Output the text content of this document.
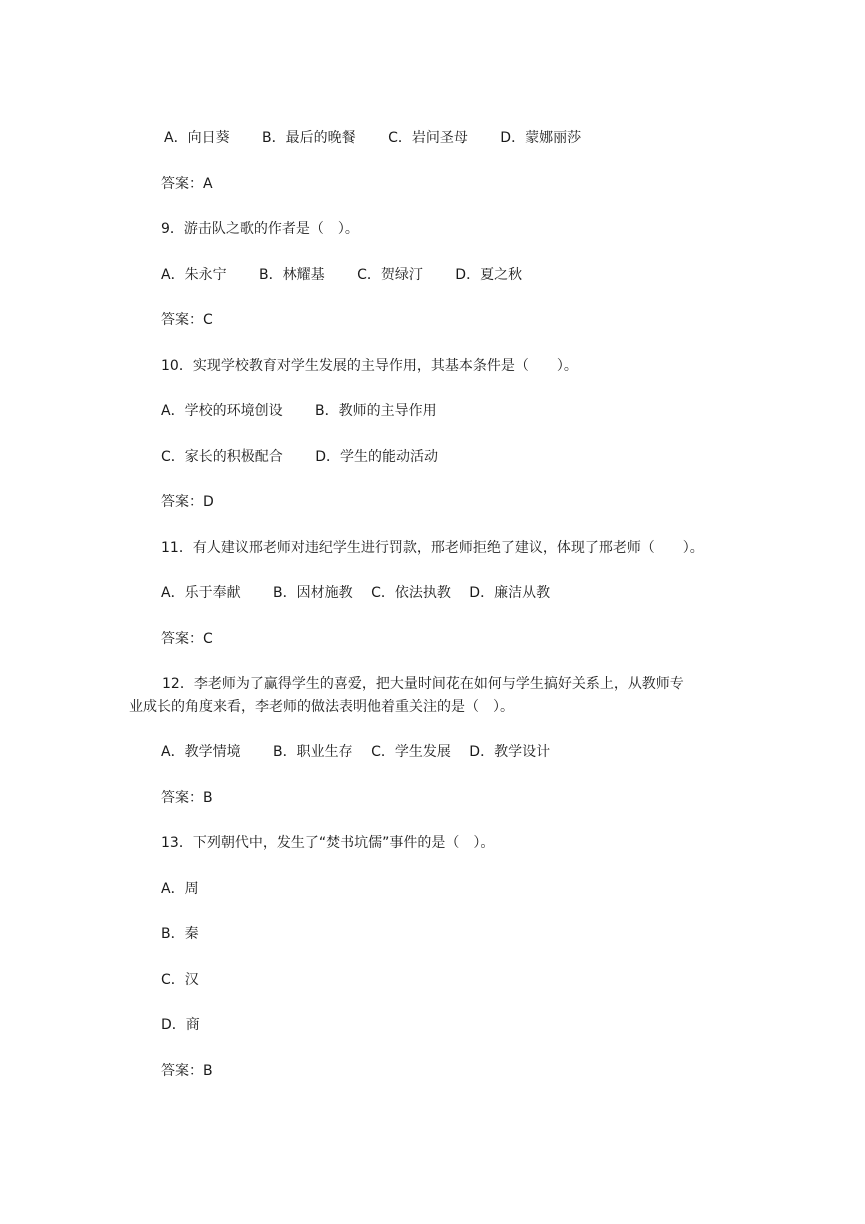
A．向日葵　 　B．最后的晚餐　 　C．岩问圣母　 　D．蒙娜丽莎
答案：A
9．游击队之歌的作者是（　）。
A．朱永宁　 　B．林耀基　 　C．贺绿汀　 　D．夏之秋
答案：C
10．实现学校教育对学生发展的主导作用，其基本条件是（　　）。
A．学校的环境创设　 　B．教师的主导作用
C．家长的积极配合　 　D．学生的能动活动
答案：D
11．有人建议邢老师对违纪学生进行罚款，邢老师拒绝了建议，体现了邢老师（　　）。
A．乐于奉献　 　B．因材施教　 C．依法执教　 D．廉洁从教
答案：C
12．李老师为了赢得学生的喜爱，把大量时间花在如何与学生搞好关系上，从教师专
业成长的角度来看，李老师的做法表明他着重关注的是（　）。
A．教学情境　 　B．职业生存　 C．学生发展　 D．教学设计
答案：B
13．下列朝代中，发生了“焚书坑儒”事件的是（　）。
A．周
B．秦
C．汉
D．商
答案：B
